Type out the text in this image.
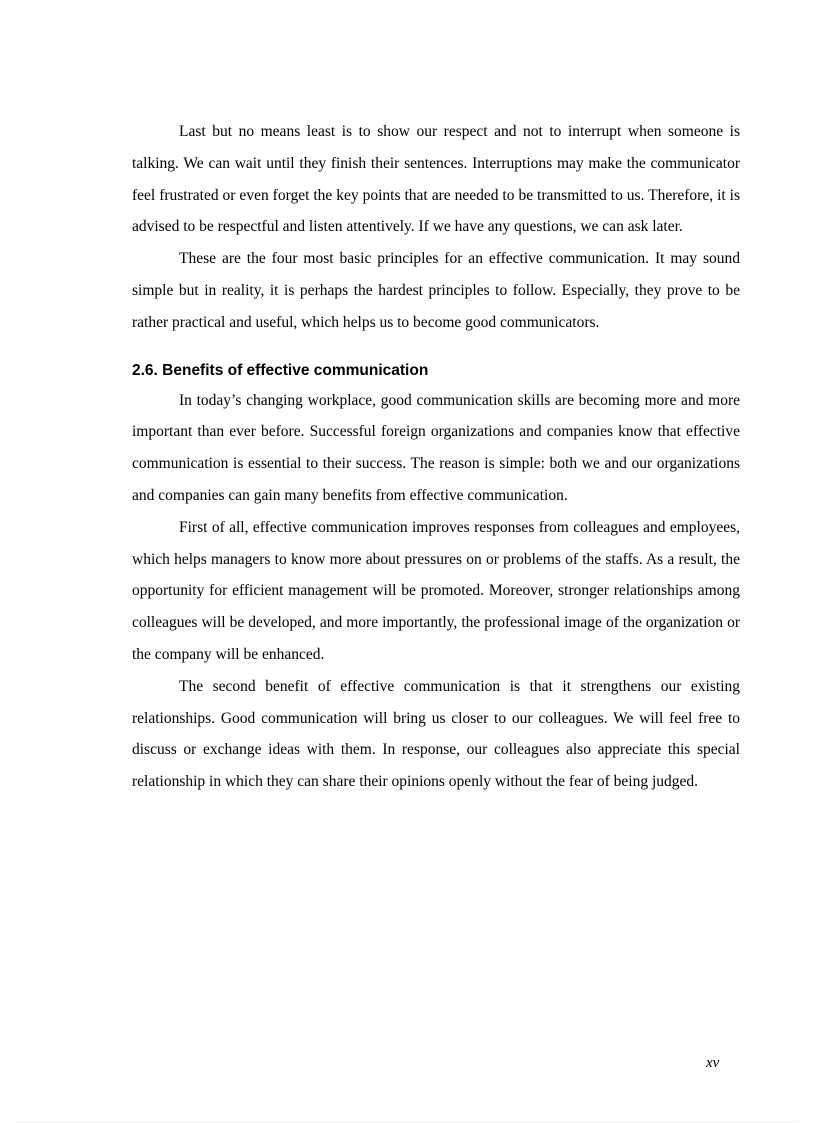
Last but no means least is to show our respect and not to interrupt when someone is talking. We can wait until they finish their sentences. Interruptions may make the communicator feel frustrated or even forget the key points that are needed to be transmitted to us. Therefore, it is advised to be respectful and listen attentively. If we have any questions, we can ask later.

These are the four most basic principles for an effective communication. It may sound simple but in reality, it is perhaps the hardest principles to follow. Especially, they prove to be rather practical and useful, which helps us to become good communicators.

2.6. Benefits of effective communication

In today’s changing workplace, good communication skills are becoming more and more important than ever before. Successful foreign organizations and companies know that effective communication is essential to their success. The reason is simple: both we and our organizations and companies can gain many benefits from effective communication.

First of all, effective communication improves responses from colleagues and employees, which helps managers to know more about pressures on or problems of the staffs. As a result, the opportunity for efficient management will be promoted. Moreover, stronger relationships among colleagues will be developed, and more importantly, the professional image of the organization or the company will be enhanced.

The second benefit of effective communication is that it strengthens our existing relationships. Good communication will bring us closer to our colleagues. We will feel free to discuss or exchange ideas with them. In response, our colleagues also appreciate this special relationship in which they can share their opinions openly without the fear of being judged.

xv
